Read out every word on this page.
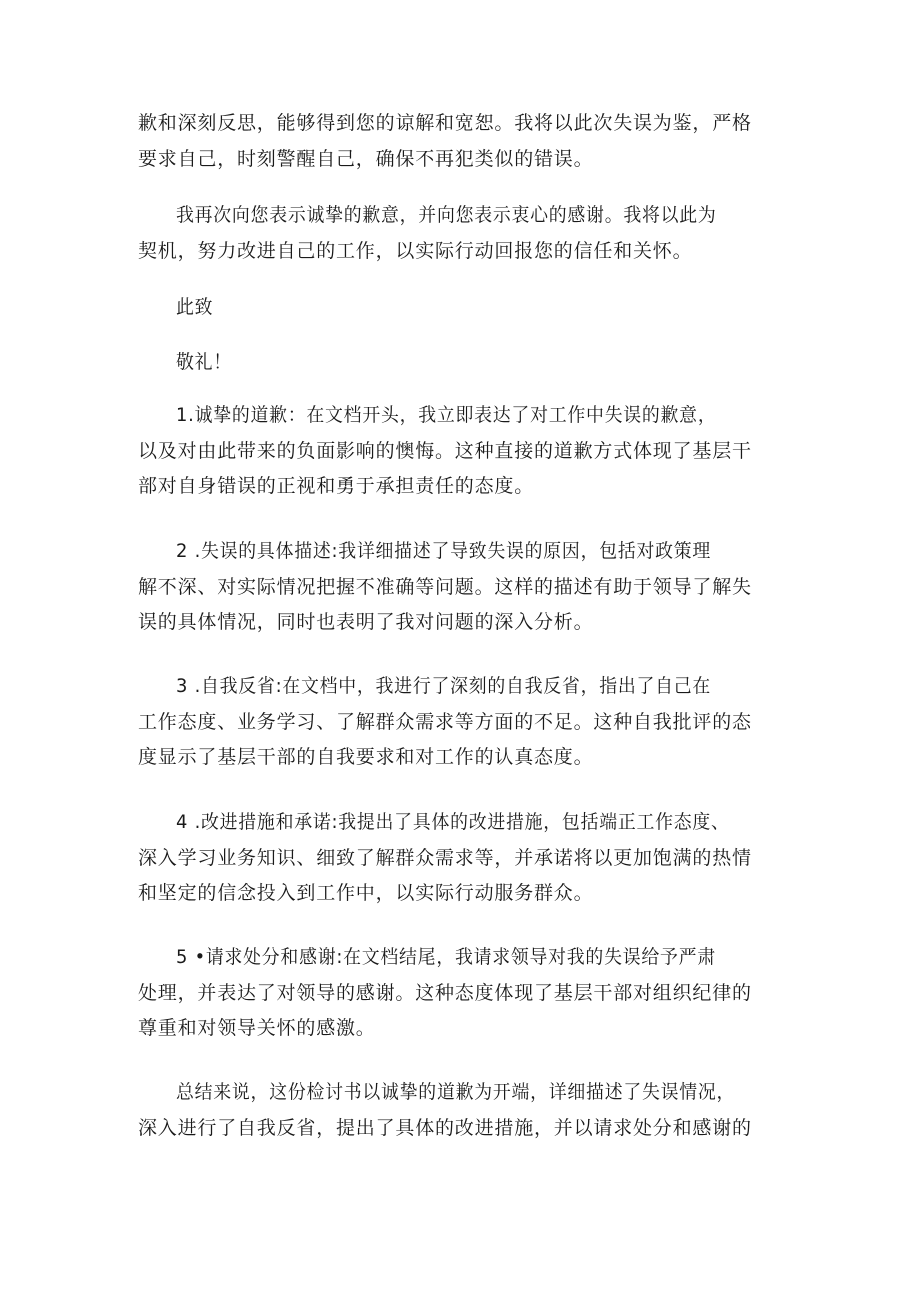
歉和深刻反思，能够得到您的谅解和宽恕。我将以此次失误为鉴，严格
要求自己，时刻警醒自己，确保不再犯类似的错误。

我再次向您表示诚挚的歉意，并向您表示衷心的感谢。我将以此为
契机，努力改进自己的工作，以实际行动回报您的信任和关怀。

此致

敬礼！

1.诚挚的道歉：在文档开头，我立即表达了对工作中失误的歉意，
以及对由此带来的负面影响的懊悔。这种直接的道歉方式体现了基层干
部对自身错误的正视和勇于承担责任的态度。

2 .失误的具体描述:我详细描述了导致失误的原因，包括对政策理
解不深、对实际情况把握不准确等问题。这样的描述有助于领导了解失
误的具体情况，同时也表明了我对问题的深入分析。

3 .自我反省:在文档中，我进行了深刻的自我反省，指出了自己在
工作态度、业务学习、了解群众需求等方面的不足。这种自我批评的态
度显示了基层干部的自我要求和对工作的认真态度。

4 .改进措施和承诺:我提出了具体的改进措施，包括端正工作态度、
深入学习业务知识、细致了解群众需求等，并承诺将以更加饱满的热情
和坚定的信念投入到工作中，以实际行动服务群众。

5 •请求处分和感谢:在文档结尾，我请求领导对我的失误给予严肃
处理，并表达了对领导的感谢。这种态度体现了基层干部对组织纪律的
尊重和对领导关怀的感激。

总结来说，这份检讨书以诚挚的道歉为开端，详细描述了失误情况，
深入进行了自我反省，提出了具体的改进措施，并以请求处分和感谢的
